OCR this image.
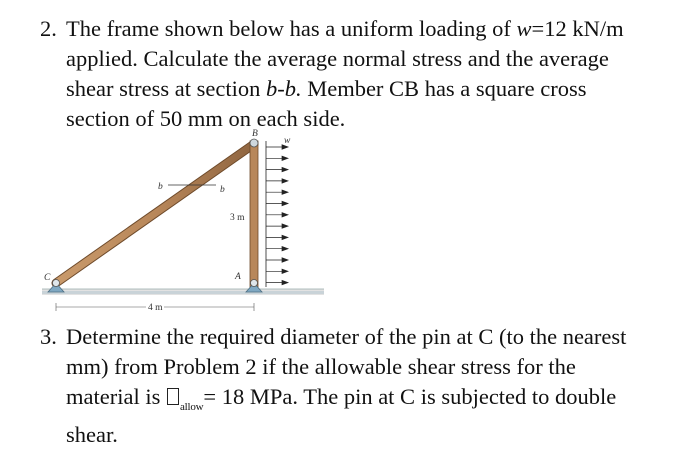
2. The frame shown below has a uniform loading of w=12 kN/m
applied. Calculate the average normal stress and the average
shear stress at section b-b. Member CB has a square cross
section of 50 mm on each side.
B
A
C
w
b	b
3 m
4 m
3. Determine the required diameter of the pin at C (to the nearest
mm) from Problem 2 if the allowable shear stress for the
material is $_{allow}$= 18 MPa. The pin at C is subjected to double
shear.
